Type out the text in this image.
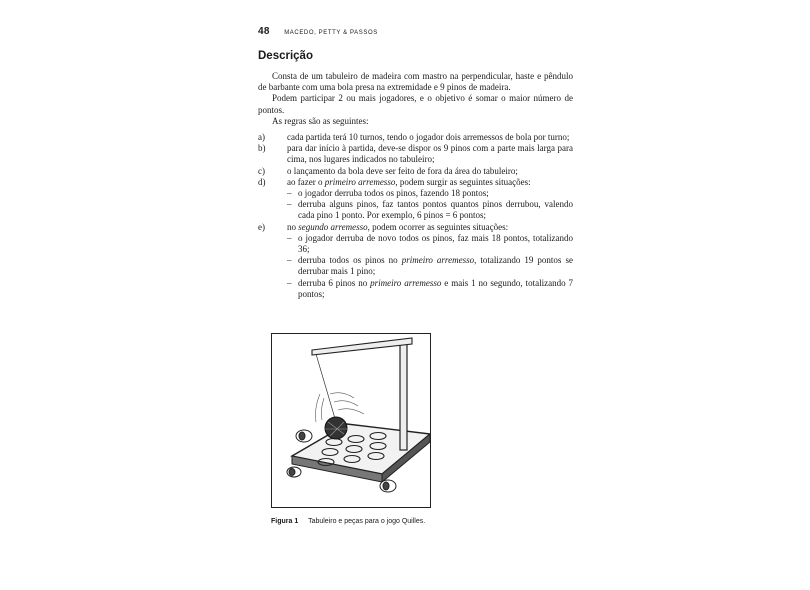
48 MACEDO, PETTY & PASSOS
Descrição

Consta de um tabuleiro de madeira com mastro na perpendicular, haste e pêndulo de barbante com uma bola presa na extremidade e 9 pinos de madeira.

Podem participar 2 ou mais jogadores, e o objetivo é somar o maior número de pontos.

As regras são as seguintes:

a) cada partida terá 10 turnos, tendo o jogador dois arremessos de bola por turno;
b) para dar início à partida, deve-se dispor os 9 pinos com a parte mais larga para cima, nos lugares indicados no tabuleiro;
c) o lançamento da bola deve ser feito de fora da área do tabuleiro;
d) ao fazer o primeiro arremesso, podem surgir as seguintes situações:
– o jogador derruba todos os pinos, fazendo 18 pontos;
– derruba alguns pinos, faz tantos pontos quantos pinos derrubou, valendo cada pino 1 ponto. Por exemplo, 6 pinos = 6 pontos;
e) no segundo arremesso, podem ocorrer as seguintes situações:
– o jogador derruba de novo todos os pinos, faz mais 18 pontos, totalizando 36;
– derruba todos os pinos no primeiro arremesso, totalizando 19 pontos se derrubar mais 1 pino;
– derruba 6 pinos no primeiro arremesso e mais 1 no segundo, totalizando 7 pontos;
Figura 1 Tabuleiro e peças para o jogo Quilles.
